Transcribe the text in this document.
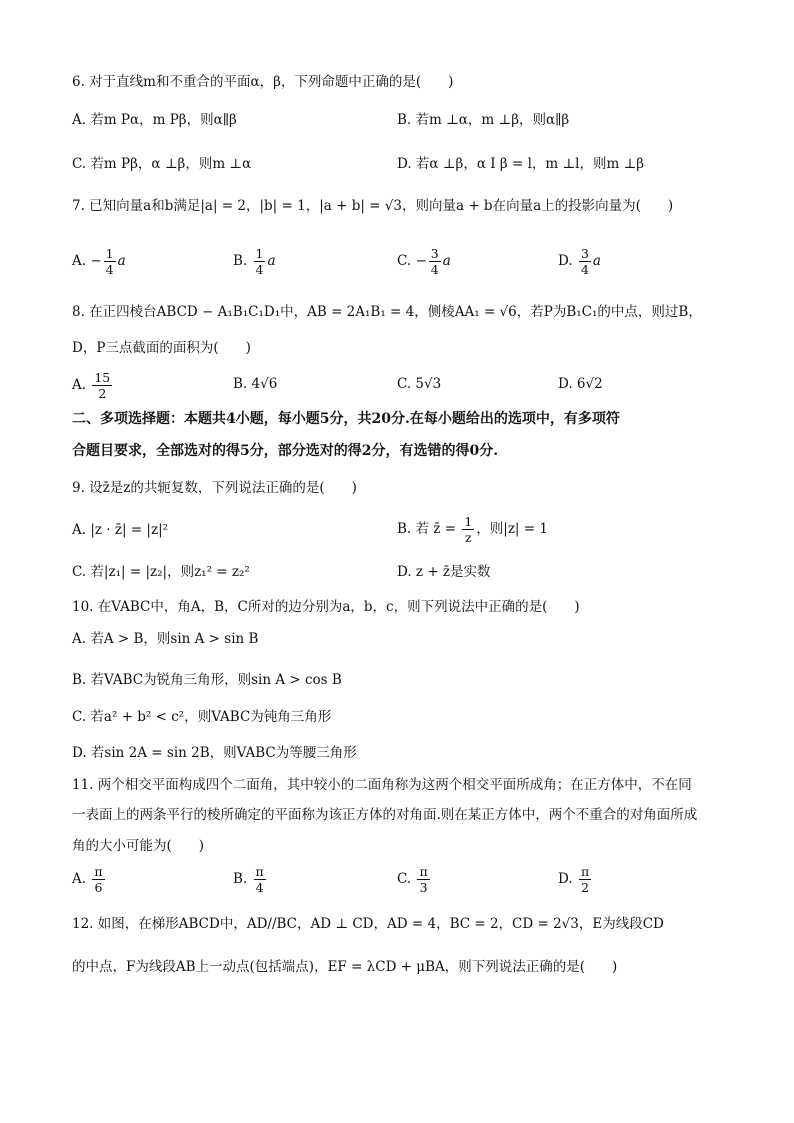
6. 对于直线m和不重合的平面α，β，下列命题中正确的是(　　)
A. 若m Pα，m Pβ，则α∥β	B. 若m ⊥α，m ⊥β，则α∥β
C. 若m Pβ，α ⊥β，则m ⊥α	D. 若α ⊥β，α I β = l，m ⊥l，则m ⊥β
7. 已知向量a和b满足|a| = 2，|b| = 1，|a + b| = √3，则向量a + b在向量a上的投影向量为(　　)
A. − $\frac{1}{4}$ a	B. $\frac{1}{4}$ a	C. − $\frac{3}{4}$ a	D. $\frac{3}{4}$ a
8. 在正四棱台ABCD − A₁B₁C₁D₁中，AB = 2A₁B₁ = 4，侧棱AA₁ = √6，若P为B₁C₁的中点，则过B，
D，P三点截面的面积为(　　)
A. $\frac{15}{2}$	B. 4√6	C. 5√3	D. 6√2
二、多项选择题：本题共4小题，每小题5分，共20分.在每小题给出的选项中，有多项符
合题目要求，全部选对的得5分，部分选对的得2分，有选错的得0分.
9. 设z̄是z的共轭复数，下列说法正确的是(　　)
A. |z · z̄| = |z|²	B. 若 z̄ = $\frac{1}{z}$ ，则|z| = 1
C. 若|z₁| = |z₂|，则z₁² = z₂²	D. z + z̄是实数
10. 在VABC中，角A，B，C所对的边分别为a，b，c，则下列说法中正确的是(　　)
A. 若A > B，则sin A > sin B
B. 若VABC为锐角三角形，则sin A > cos B
C. 若a² + b² < c²，则VABC为钝角三角形
D. 若sin 2A = sin 2B，则VABC为等腰三角形
11. 两个相交平面构成四个二面角，其中较小的二面角称为这两个相交平面所成角；在正方体中，不在同
一表面上的两条平行的棱所确定的平面称为该正方体的对角面.则在某正方体中，两个不重合的对角面所成
角的大小可能为(　　)
A. $\frac{\pi}{6}$	B. $\frac{\pi}{4}$	C. $\frac{\pi}{3}$	D. $\frac{\pi}{2}$
12. 如图，在梯形ABCD中，AD//BC，AD ⊥ CD，AD = 4，BC = 2，CD = 2√3，E为线段CD
的中点，F为线段AB上一动点(包括端点)，EF = λCD + μBA，则下列说法正确的是(　　)
